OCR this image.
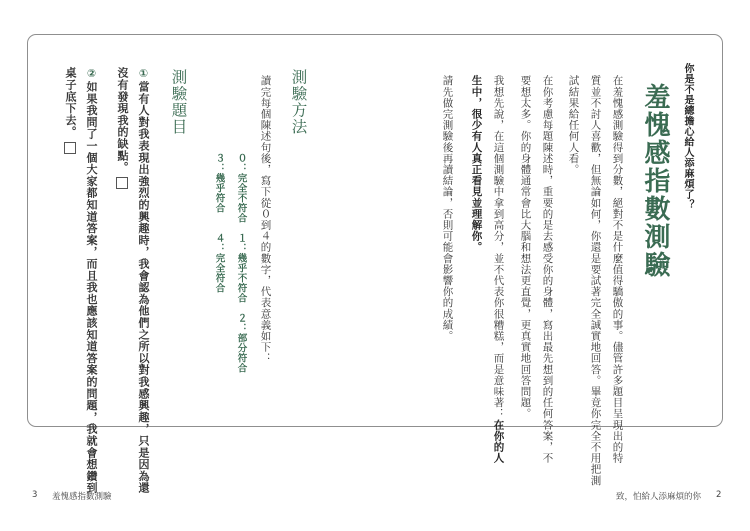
你是不是總擔心給人添麻煩了？
羞愧感指數測驗
在羞愧感測驗得到分數，絕對不是什麼值得驕傲的事。儘管許多題目呈現出的特
質並不討人喜歡，但無論如何，你還是要試著完全誠實地回答。畢竟你完全不用把測
試結果給任何人看。
在你考慮每題陳述時，重要的是去感受你的身體，寫出最先想到的任何答案，不
要想太多。你的身體通常會比大腦和想法更直覺，更真實地回答問題。
我想先說，在這個測驗中拿到高分，並不代表你很糟糕，而是意味著：在你的人
生中，很少有人真正看見並理解你。
請先做完測驗後再讀結論，否則可能會影響你的成績。
測驗方法
讀完每個陳述句後，寫下從０到４的數字，代表意義如下：
０：完全不符合　１：幾乎不符合　２：部分符合
３：幾乎符合　　４：完全符合
測驗題目
①當有人對我表現出強烈的興趣時，我會認為他們之所以對我感興趣，只是因為還
沒有發現我的缺點。
②如果我問了一個大家都知道答案，而且我也應該知道答案的問題，我就會想鑽到
桌子底下去。
3 羞愧感指數測驗	致，怕給人添麻煩的你 2
